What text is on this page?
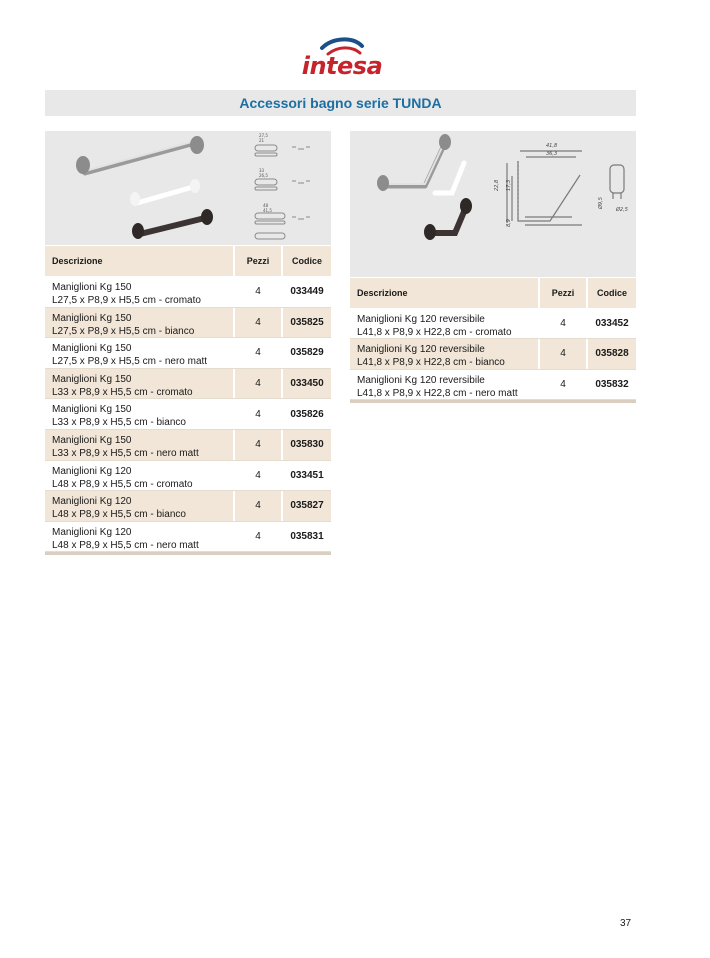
intesa
Accessori bagno serie TUNDA
27,5
21
33
26,5
48
41,5
Descrizione	Pezzi	Codice
Maniglioni Kg 150
L27,5 x P8,9 x H5,5 cm - cromato
4	033449
Maniglioni Kg 150
L27,5 x P8,9 x H5,5 cm - bianco
4	035825
Maniglioni Kg 150
L27,5 x P8,9 x H5,5 cm - nero matt
4	035829
Maniglioni Kg 150
L33 x P8,9 x H5,5 cm - cromato
4	033450
Maniglioni Kg 150
L33 x P8,9 x H5,5 cm - bianco
4	035826
Maniglioni Kg 150
L33 x P8,9 x H5,5 cm - nero matt
4	035830
Maniglioni Kg 120
L48 x P8,9 x H5,5 cm - cromato
4	033451
Maniglioni Kg 120
L48 x P8,9 x H5,5 cm - bianco
4	035827
Maniglioni Kg 120
L48 x P8,9 x H5,5 cm - nero matt
4	035831
41,8
36,3
22,8 17,3
8,9
Ø9,5
Ø2,5
Descrizione	Pezzi	Codice
Maniglioni Kg 120 reversibile
L41,8 x P8,9 x H22,8 cm - cromato
4	033452
Maniglioni Kg 120 reversibile
L41,8 x P8,9 x H22,8 cm - bianco
4	035828
Maniglioni Kg 120 reversibile
L41,8 x P8,9 x H22,8 cm - nero matt
4	035832
37
